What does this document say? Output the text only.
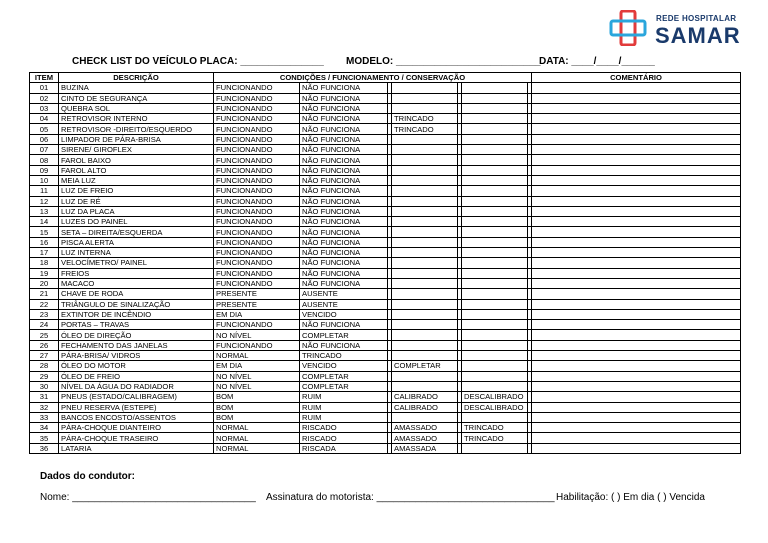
REDE HOSPITALAR
SAMAR
CHECK LIST DO VEÍCULO PLACA: _______________ MODELO: __________________________
DATA: ____/____/______
ITEM	DESCRIÇÃO	CONDIÇÕES / FUNCIONAMENTO / CONSERVAÇÃO							COMENTÁRIO
01	BUZINA	FUNCIONANDO	NÃO FUNCIONA						
02	CINTO DE SEGURANÇA	FUNCIONANDO	NÃO FUNCIONA						
03	QUEBRA SOL	FUNCIONANDO	NÃO FUNCIONA						
04	RETROVISOR INTERNO	FUNCIONANDO	NÃO FUNCIONA		TRINCADO				
05	RETROVISOR -DIREITO/ESQUERDO	FUNCIONANDO	NÃO FUNCIONA		TRINCADO				
06	LIMPADOR DE PÁRA-BRISA	FUNCIONANDO	NÃO FUNCIONA						
07	SIRENE/ GIROFLEX	FUNCIONANDO	NÃO FUNCIONA						
08	FAROL BAIXO	FUNCIONANDO	NÃO FUNCIONA						
09	FAROL ALTO	FUNCIONANDO	NÃO FUNCIONA						
10	MEIA LUZ	FUNCIONANDO	NÃO FUNCIONA						
11	LUZ DE FREIO	FUNCIONANDO	NÃO FUNCIONA						
12	LUZ DE RÉ	FUNCIONANDO	NÃO FUNCIONA						
13	LUZ DA PLACA	FUNCIONANDO	NÃO FUNCIONA						
14	LUZES DO PAINEL	FUNCIONANDO	NÃO FUNCIONA						
15	SETA – DIREITA/ESQUERDA	FUNCIONANDO	NÃO FUNCIONA						
16	PISCA ALERTA	FUNCIONANDO	NÃO FUNCIONA						
17	LUZ INTERNA	FUNCIONANDO	NÃO FUNCIONA						
18	VELOCÍMETRO/ PAINEL	FUNCIONANDO	NÃO FUNCIONA						
19	FREIOS	FUNCIONANDO	NÃO FUNCIONA						
20	MACACO	FUNCIONANDO	NÃO FUNCIONA						
21	CHAVE DE RODA	PRESENTE	AUSENTE						
22	TRIÂNGULO DE SINALIZAÇÃO	PRESENTE	AUSENTE						
23	EXTINTOR DE INCÊNDIO	EM DIA	VENCIDO						
24	PORTAS – TRAVAS	FUNCIONANDO	NÃO FUNCIONA						
25	ÓLEO DE DIREÇÃO	NO NÍVEL	COMPLETAR						
26	FECHAMENTO DAS JANELAS	FUNCIONANDO	NÃO FUNCIONA						
27	PÁRA-BRISA/ VIDROS	NORMAL	TRINCADO						
28	ÓLEO DO MOTOR	EM DIA	VENCIDO		COMPLETAR				
29	ÓLEO DE FREIO	NO NÍVEL	COMPLETAR						
30	NÍVEL DA ÁGUA DO RADIADOR	NO NÍVEL	COMPLETAR						
31	PNEUS (ESTADO/CALIBRAGEM)	BOM	RUIM		CALIBRADO		DESCALIBRADO		
32	PNEU RESERVA (ESTEPE)	BOM	RUIM		CALIBRADO		DESCALIBRADO		
33	BANCOS ENCOSTO/ASSENTOS	BOM	RUIM						
34	PÁRA-CHOQUE DIANTEIRO	NORMAL	RISCADO		AMASSADO		TRINCADO		
35	PÁRA-CHOQUE TRASEIRO	NORMAL	RISCADO		AMASSADO		TRINCADO		
36	LATARIA	NORMAL	RISCADA		AMASSADA				
Dados do condutor:
Nome: _________________________________ Assinatura do motorista: ________________________________ Habilitação: ( ) Em dia ( ) Vencida
